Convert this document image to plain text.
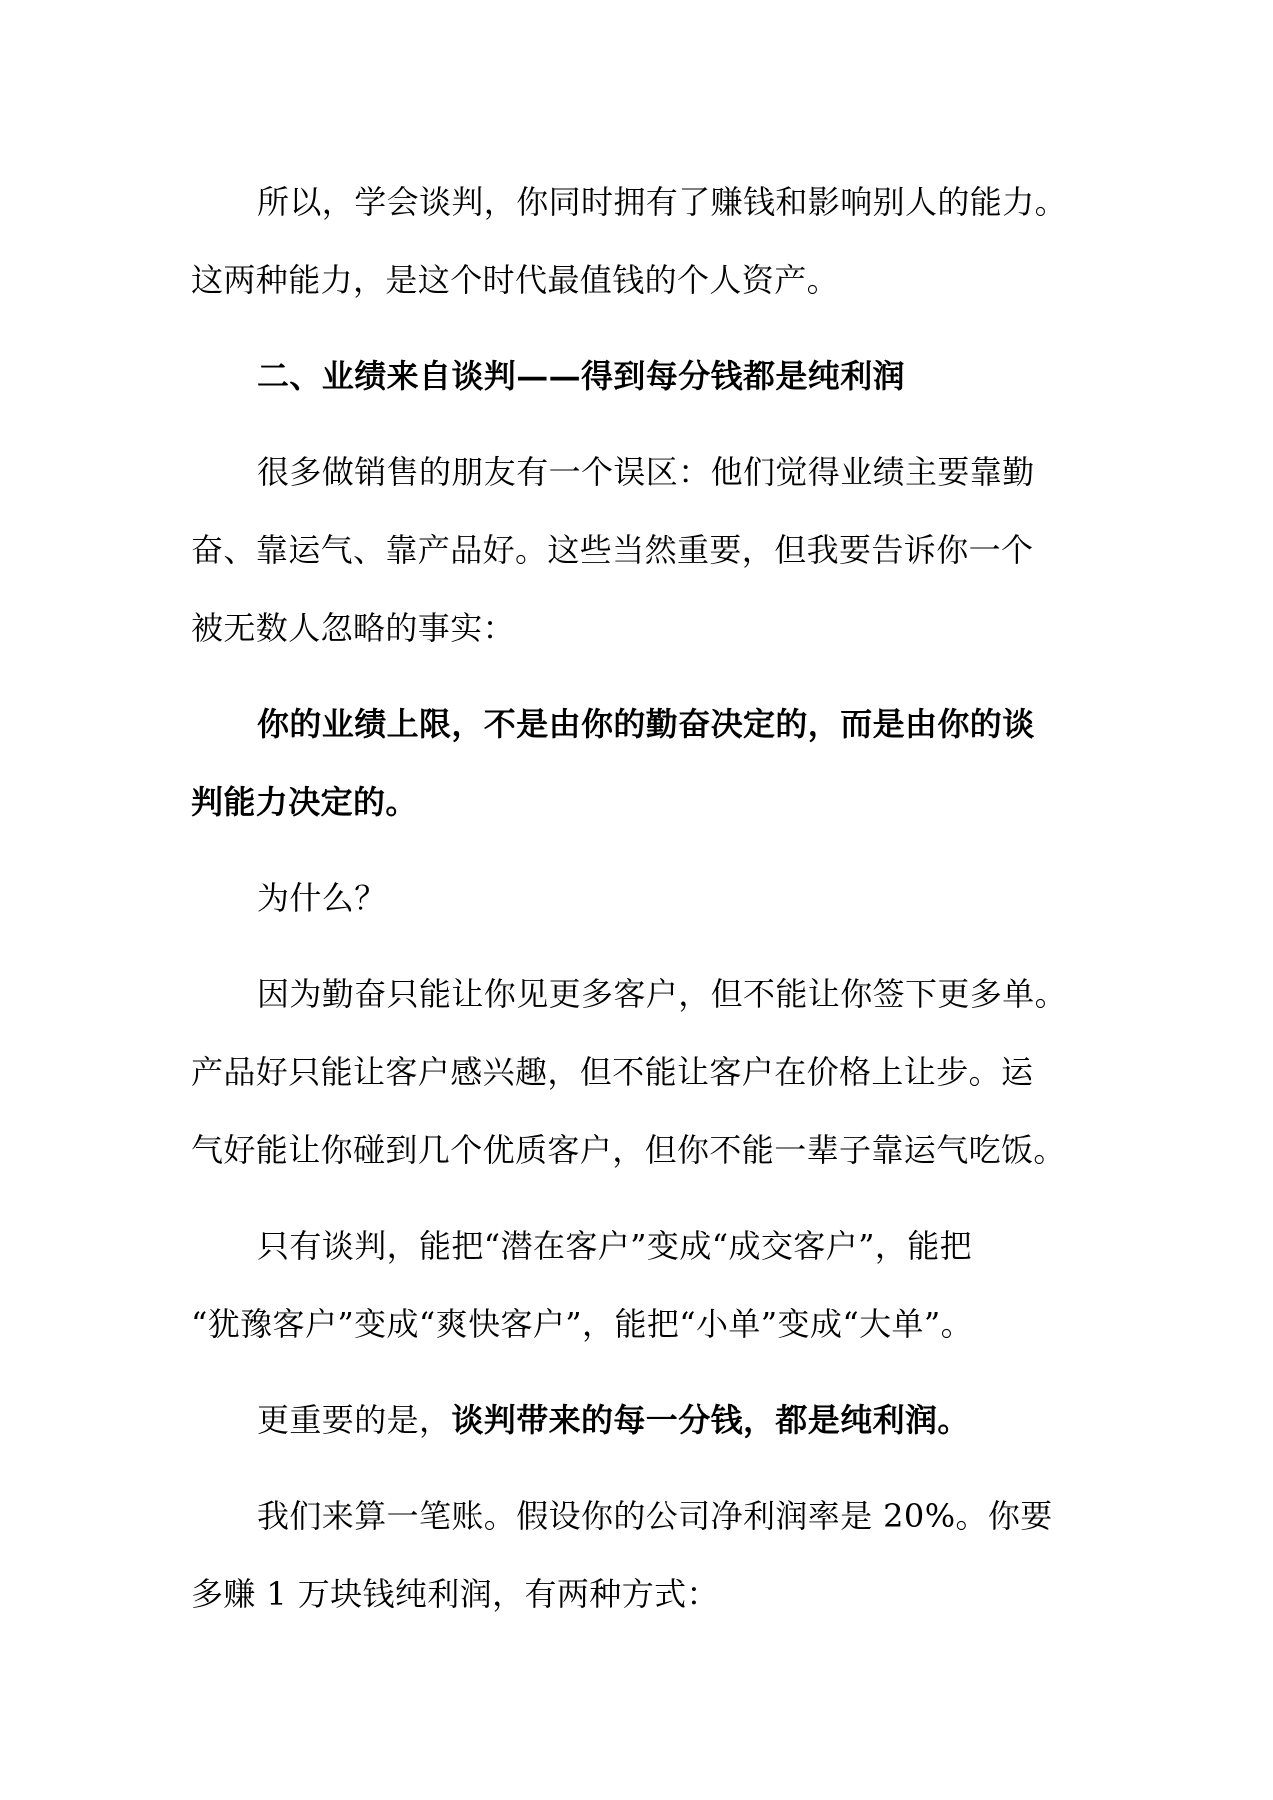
所以，学会谈判，你同时拥有了赚钱和影响别人的能力。
这两种能力，是这个时代最值钱的个人资产。
二、业绩来自谈判——得到每分钱都是纯利润
很多做销售的朋友有一个误区：他们觉得业绩主要靠勤
奋、靠运气、靠产品好。这些当然重要，但我要告诉你一个
被无数人忽略的事实：
你的业绩上限，不是由你的勤奋决定的，而是由你的谈
判能力决定的。
为什么？
因为勤奋只能让你见更多客户，但不能让你签下更多单。
产品好只能让客户感兴趣，但不能让客户在价格上让步。运
气好能让你碰到几个优质客户，但你不能一辈子靠运气吃饭。
只有谈判，能把“潜在客户”变成“成交客户”，能把
“犹豫客户”变成“爽快客户”，能把“小单”变成“大单”。
更重要的是，谈判带来的每一分钱，都是纯利润。
我们来算一笔账。假设你的公司净利润率是 20%。你要
多赚 1 万块钱纯利润，有两种方式：
